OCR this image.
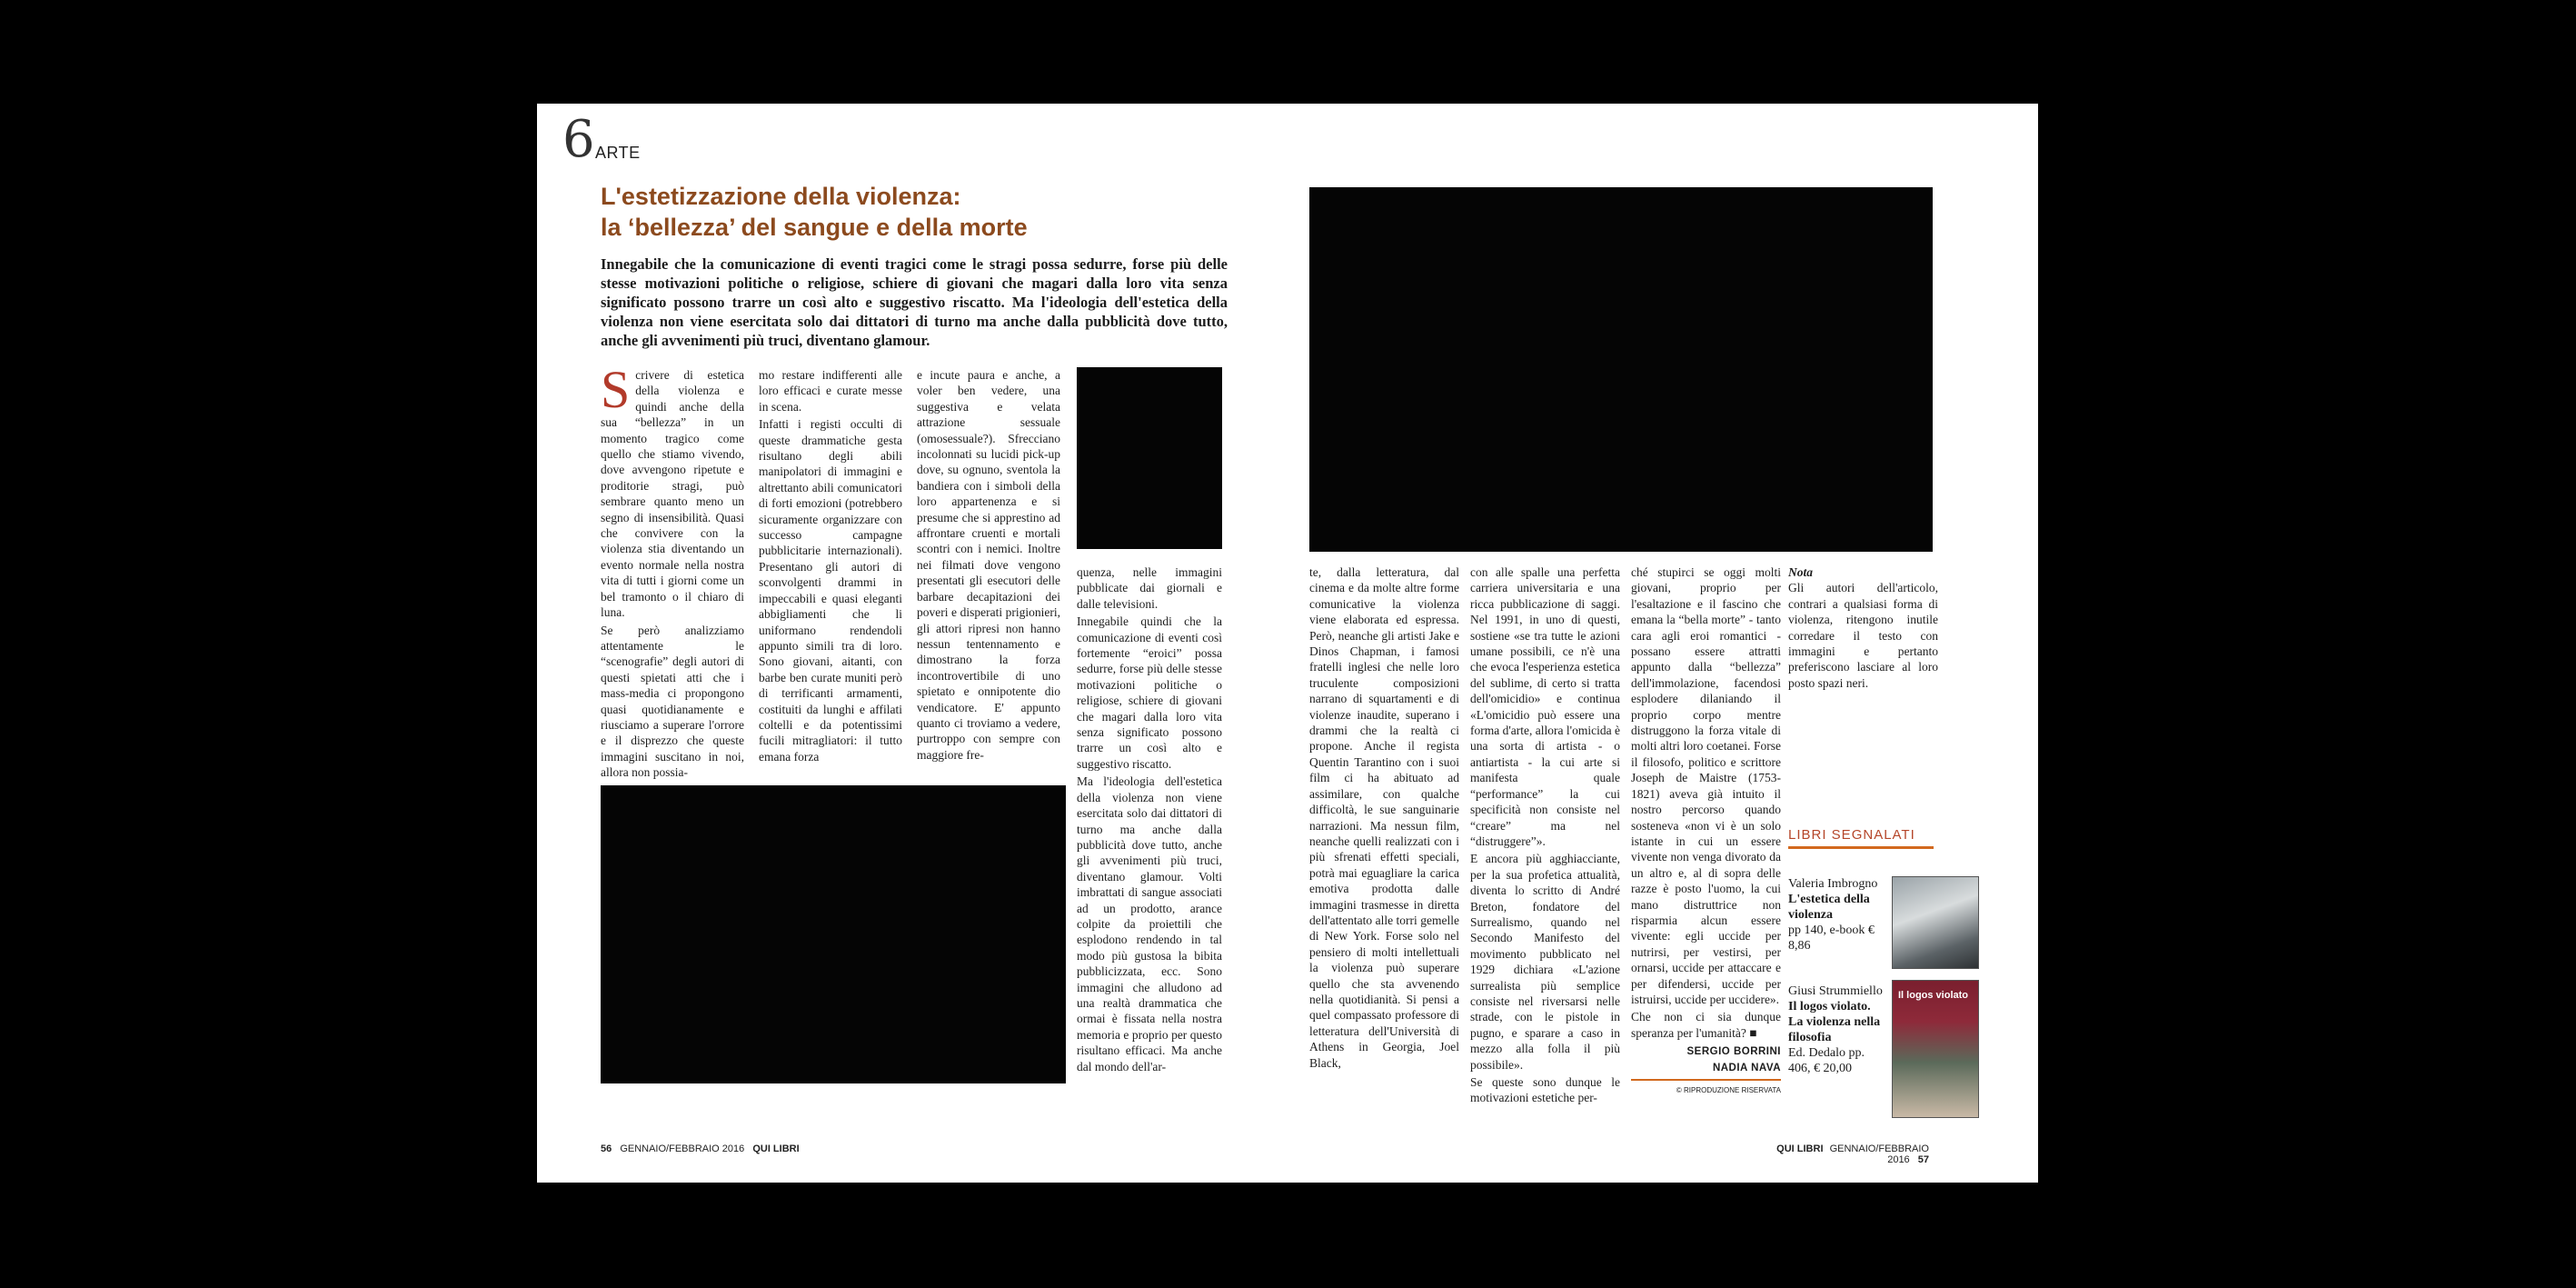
6 ARTE
L'estetizzazione della violenza:
la ‘bellezza’ del sangue e della morte
Innegabile che la comunicazione di eventi tragici come le stragi possa sedurre, forse più delle stesse motivazioni politiche o religiose, schiere di giovani che magari dalla loro vita senza significato possono trarre un così alto e suggestivo riscatto. Ma l'ideologia dell'estetica della violenza non viene esercitata solo dai dittatori di turno ma anche dalla pubblicità dove tutto, anche gli avvenimenti più truci, diventano glamour.

Scrivere di estetica della violenza e quindi anche della sua “bellezza” in un momento tragico come quello che stiamo vivendo, dove avvengono ripetute e proditorie stragi, può sembrare quanto meno un segno di insensibilità. Quasi che convivere con la violenza stia diventando un evento normale nella nostra vita di tutti i giorni come un bel tramonto o il chiaro di luna.

Se però analizziamo attentamente le “scenografie” degli autori di questi spietati atti che i mass-media ci propongono quasi quotidianamente e riusciamo a superare l'orrore e il disprezzo che queste immagini suscitano in noi, allora non possia-

mo restare indifferenti alle loro efficaci e curate messe in scena.

Infatti i registi occulti di queste drammatiche gesta risultano degli abili manipolatori di immagini e altrettanto abili comunicatori di forti emozioni (potrebbero sicuramente organizzare con successo campagne pubblicitarie internazionali). Presentano gli autori di sconvolgenti drammi in impeccabili e quasi eleganti abbigliamenti che li uniformano rendendoli appunto simili tra di loro. Sono giovani, aitanti, con barbe ben curate muniti però di terrificanti armamenti, costituiti da lunghi e affilati coltelli e da potentissimi fucili mitragliatori: il tutto emana forza

e incute paura e anche, a voler ben vedere, una suggestiva e velata attrazione sessuale (omosessuale?). Sfrecciano incolonnati su lucidi pick-up dove, su ognuno, sventola la bandiera con i simboli della loro appartenenza e si presume che si apprestino ad affrontare cruenti e mortali scontri con i nemici. Inoltre nei filmati dove vengono presentati gli esecutori delle barbare decapitazioni dei poveri e disperati prigionieri, gli attori ripresi non hanno nessun tentennamento e dimostrano la forza incontrovertibile di uno spietato e onnipotente dio vendicatore. E' appunto quanto ci troviamo a vedere, purtroppo con sempre con maggiore fre-

quenza, nelle immagini pubblicate dai giornali e dalle televisioni.

Innegabile quindi che la comunicazione di eventi così fortemente “eroici” possa sedurre, forse più delle stesse motivazioni politiche o religiose, schiere di giovani che magari dalla loro vita senza significato possono trarre un così alto e suggestivo riscatto.

Ma l'ideologia dell'estetica della violenza non viene esercitata solo dai dittatori di turno ma anche dalla pubblicità dove tutto, anche gli avvenimenti più truci, diventano glamour. Volti imbrattati di sangue associati ad un prodotto, arance colpite da proiettili che esplodono rendendo in tal modo più gustosa la bibita pubblicizzata, ecc. Sono immagini che alludono ad una realtà drammatica che ormai è fissata nella nostra memoria e proprio per questo risultano efficaci. Ma anche dal mondo dell'ar-

te, dalla letteratura, dal cinema e da molte altre forme comunicative la violenza viene elaborata ed espressa. Però, neanche gli artisti Jake e Dinos Chapman, i famosi fratelli inglesi che nelle loro truculente composizioni narrano di squartamenti e di violenze inaudite, superano i drammi che la realtà ci propone. Anche il regista Quentin Tarantino con i suoi film ci ha abituato ad assimilare, con qualche difficoltà, le sue sanguinarie narrazioni. Ma nessun film, neanche quelli realizzati con i più sfrenati effetti speciali, potrà mai eguagliare la carica emotiva prodotta dalle immagini trasmesse in diretta dell'attentato alle torri gemelle di New York. Forse solo nel pensiero di molti intellettuali la violenza può superare quello che sta avvenendo nella quotidianità. Si pensi a quel compassato professore di letteratura dell'Università di Athens in Georgia, Joel Black,

con alle spalle una perfetta carriera universitaria e una ricca pubblicazione di saggi. Nel 1991, in uno di questi, sostiene «se tra tutte le azioni umane possibili, ce n'è una che evoca l'esperienza estetica del sublime, di certo si tratta dell'omicidio» e continua «L'omicidio può essere una forma d'arte, allora l'omicida è una sorta di artista - o antiartista - la cui arte si manifesta quale “performance” la cui specificità non consiste nel “creare” ma nel “distruggere”».

E ancora più agghiacciante, per la sua profetica attualità, diventa lo scritto di André Breton, fondatore del Surrealismo, quando nel Secondo Manifesto del movimento pubblicato nel 1929 dichiara «L'azione surrealista più semplice consiste nel riversarsi nelle strade, con le pistole in pugno, e sparare a caso in mezzo alla folla il più possibile».

Se queste sono dunque le motivazioni estetiche per-

ché stupirci se oggi molti giovani, proprio per l'esaltazione e il fascino che emana la “bella morte” - tanto cara agli eroi romantici - possano essere attratti appunto dalla “bellezza” dell'immolazione, facendosi esplodere dilaniando il proprio corpo mentre distruggono la forza vitale di molti altri loro coetanei. Forse il filosofo, politico e scrittore Joseph de Maistre (1753-1821) aveva già intuito il nostro percorso quando sosteneva «non vi è un solo istante in cui un essere vivente non venga divorato da un altro e, al di sopra delle razze è posto l'uomo, la cui mano distruttrice non risparmia alcun essere vivente: egli uccide per nutrirsi, per vestirsi, per ornarsi, uccide per attaccare e per difendersi, uccide per istruirsi, uccide per uccidere».

Che non ci sia dunque speranza per l'umanità? ■

SERGIO BORRINI
NADIA NAVA
© RIPRODUZIONE RISERVATA
Nota

Gli autori dell'articolo, contrari a qualsiasi forma di violenza, ritengono inutile corredare il testo con immagini e pertanto preferiscono lasciare al loro posto spazi neri.

LIBRI SEGNALATI
Valeria Imbrogno
L'estetica della violenza
pp 140, e-book € 8,86
Giusi Strummiello
Il logos violato. La violenza nella filosofia
Ed. Dedalo pp. 406, € 20,00
Il logos violato
56 GENNAIO/FEBBRAIO 2016 QUI LIBRI	QUI LIBRI GENNAIO/FEBBRAIO 2016 57
